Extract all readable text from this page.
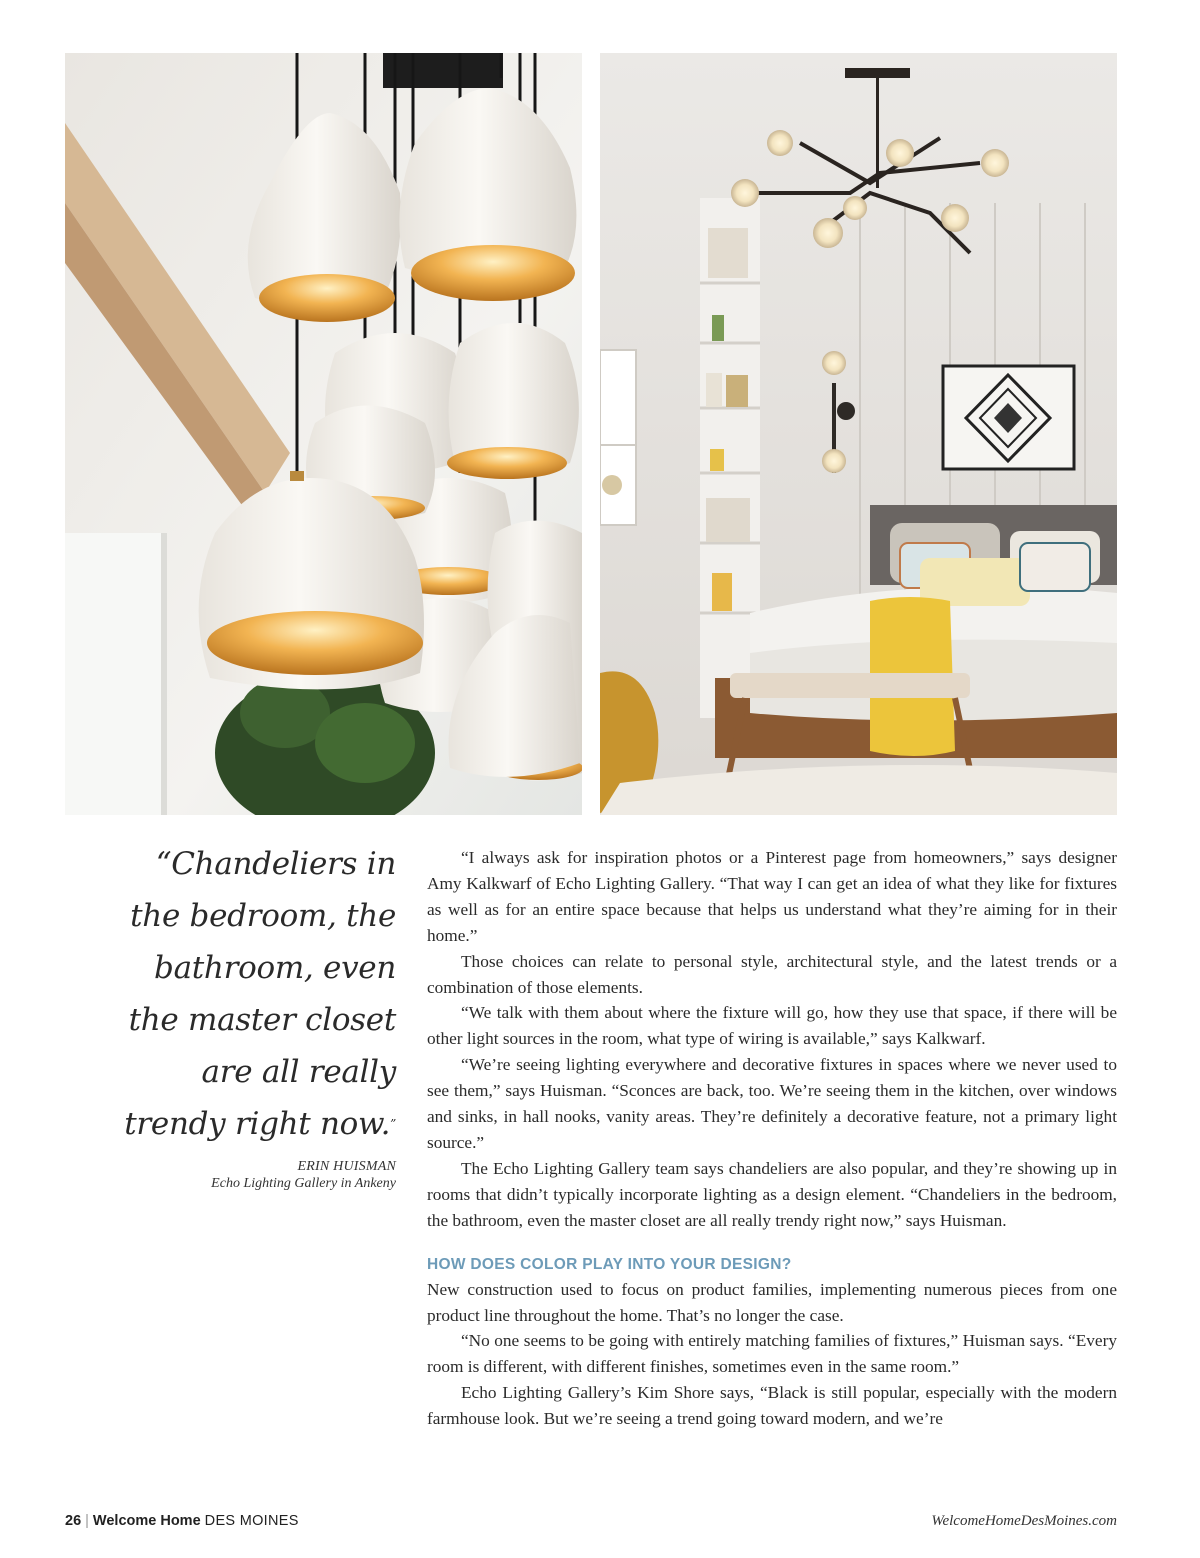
“Chandeliers in the bedroom, the bathroom, even the master closet are all really trendy right now.”
ERIN HUISMAN
Echo Lighting Gallery in Ankeny

“I always ask for inspiration photos or a Pinterest page from homeowners,” says designer Amy Kalkwarf of Echo Lighting Gallery. “That way I can get an idea of what they like for fixtures as well as for an entire space because that helps us understand what they’re aiming for in their home.”

Those choices can relate to personal style, architectural style, and the latest trends or a combination of those elements.

“We talk with them about where the fixture will go, how they use that space, if there will be other light sources in the room, what type of wiring is available,” says Kalkwarf.

“We’re seeing lighting everywhere and decorative fixtures in spaces where we never used to see them,” says Huisman. “Sconces are back, too. We’re seeing them in the kitchen, over windows and sinks, in hall nooks, vanity areas. They’re definitely a decorative feature, not a primary light source.”

The Echo Lighting Gallery team says chandeliers are also popular, and they’re showing up in rooms that didn’t typically incorporate lighting as a design element. “Chandeliers in the bedroom, the bathroom, even the master closet are all really trendy right now,” says Huisman.

HOW DOES COLOR PLAY INTO YOUR DESIGN?

New construction used to focus on product families, implementing numerous pieces from one product line throughout the home. That’s no longer the case.

“No one seems to be going with entirely matching families of fixtures,” Huisman says. “Every room is different, with different finishes, sometimes even in the same room.”

Echo Lighting Gallery’s Kim Shore says, “Black is still popular, especially with the modern farmhouse look. But we’re seeing a trend going toward modern, and we’re

26 | Welcome Home DES MOINES	WelcomeHomeDesMoines.com
